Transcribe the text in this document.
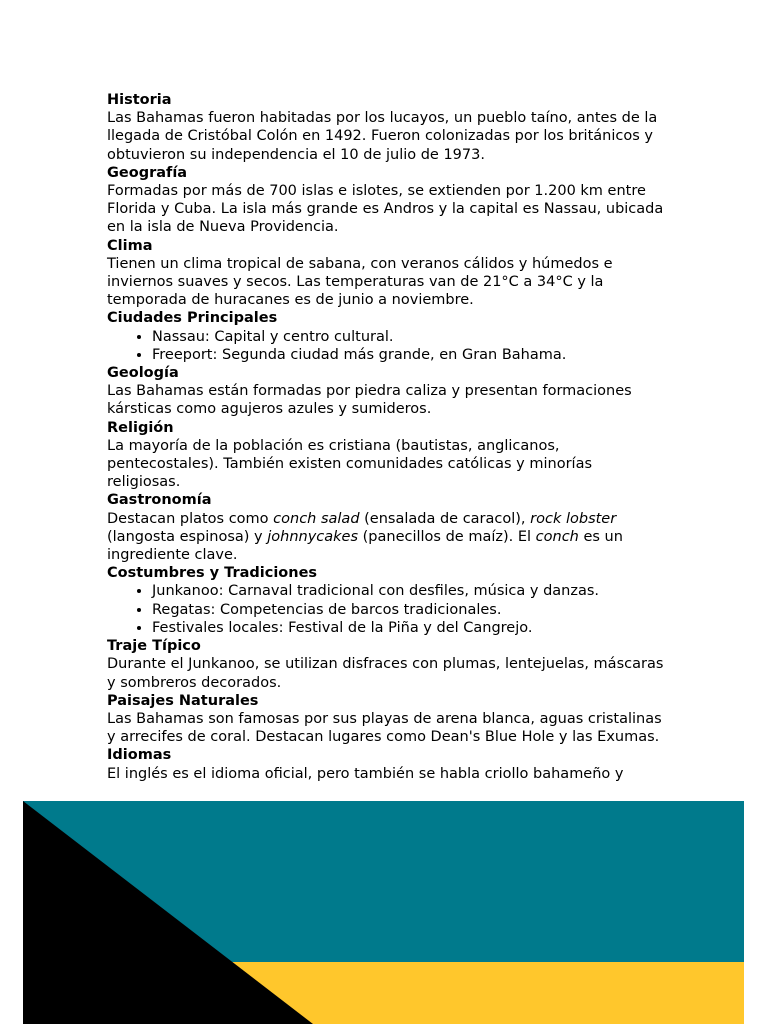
Historia

Las Bahamas fueron habitadas por los lucayos, un pueblo taíno, antes de la llegada de Cristóbal Colón en 1492. Fueron colonizadas por los británicos y obtuvieron su independencia el 10 de julio de 1973.

Geografía

Formadas por más de 700 islas e islotes, se extienden por 1.200 km entre Florida y Cuba. La isla más grande es Andros y la capital es Nassau, ubicada en la isla de Nueva Providencia.

Clima

Tienen un clima tropical de sabana, con veranos cálidos y húmedos e inviernos suaves y secos. Las temperaturas van de 21°C a 34°C y la temporada de huracanes es de junio a noviembre.

Ciudades Principales
• Nassau: Capital y centro cultural.
• Freeport: Segunda ciudad más grande, en Gran Bahama.
Geología

Las Bahamas están formadas por piedra caliza y presentan formaciones kársticas como agujeros azules y sumideros.

Religión

La mayoría de la población es cristiana (bautistas, anglicanos, pentecostales). También existen comunidades católicas y minorías religiosas.

Gastronomía

Destacan platos como conch salad (ensalada de caracol), rock lobster (langosta espinosa) y johnnycakes (panecillos de maíz). El conch es un ingrediente clave.

Costumbres y Tradiciones
• Junkanoo: Carnaval tradicional con desfiles, música y danzas.
• Regatas: Competencias de barcos tradicionales.
• Festivales locales: Festival de la Piña y del Cangrejo.
Traje Típico

Durante el Junkanoo, se utilizan disfraces con plumas, lentejuelas, máscaras y sombreros decorados.

Paisajes Naturales

Las Bahamas son famosas por sus playas de arena blanca, aguas cristalinas y arrecifes de coral. Destacan lugares como Dean's Blue Hole y las Exumas.

Idiomas

El inglés es el idioma oficial, pero también se habla criollo bahameño y
